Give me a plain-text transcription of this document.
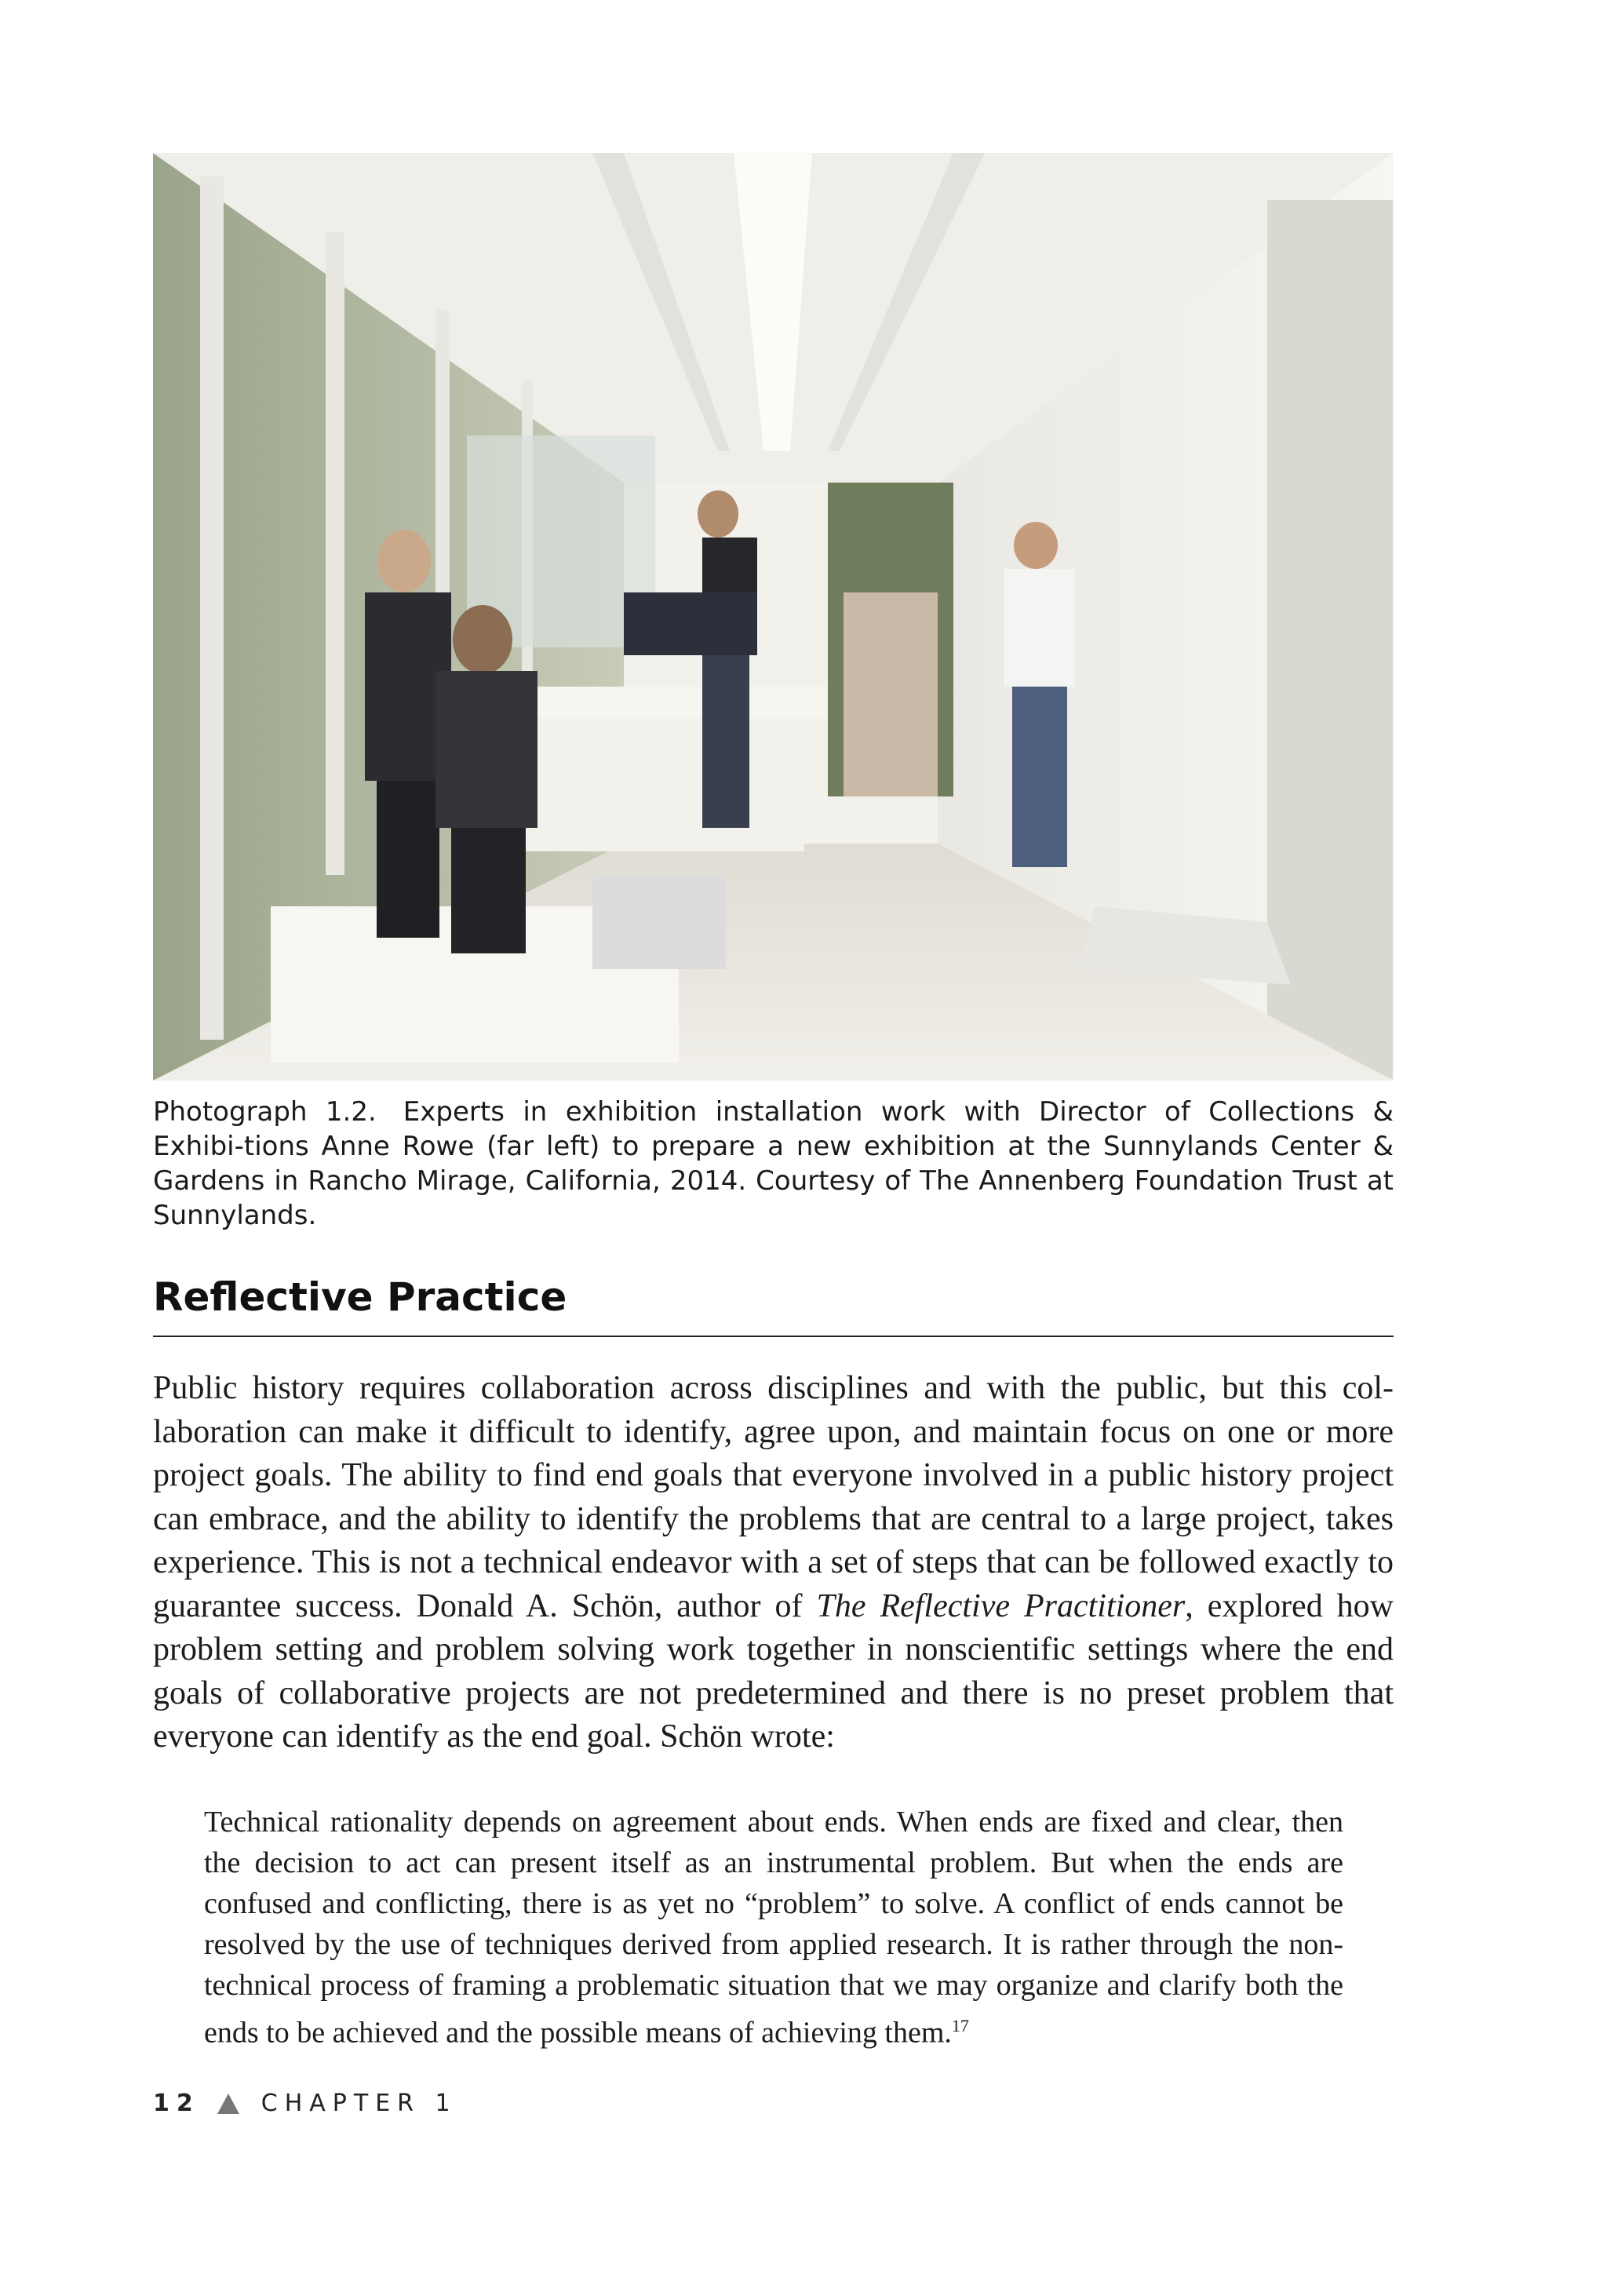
Photograph 1.2. Experts in exhibition installation work with Director of Collections & Exhibi-tions Anne Rowe (far left) to prepare a new exhibition at the Sunnylands Center & Gardens in Rancho Mirage, California, 2014. Courtesy of The Annenberg Foundation Trust at Sunnylands.
Reflective Practice

Public history requires collaboration across disciplines and with the public, but this col-laboration can make it difficult to identify, agree upon, and maintain focus on one or more project goals. The ability to find end goals that everyone involved in a public history project can embrace, and the ability to identify the problems that are central to a large project, takes experience. This is not a technical endeavor with a set of steps that can be followed exactly to guarantee success. Donald A. Schön, author of The Reflective Practitioner, explored how problem setting and problem solving work together in nonscientific settings where the end goals of collaborative projects are not predetermined and there is no preset problem that everyone can identify as the end goal. Schön wrote:

Technical rationality depends on agreement about ends. When ends are fixed and clear, then the decision to act can present itself as an instrumental problem. But when the ends are confused and conflicting, there is as yet no “problem” to solve. A conflict of ends cannot be resolved by the use of techniques derived from applied research. It is rather through the non-technical process of framing a problematic situation that we may organize and clarify both the ends to be achieved and the possible means of achieving them.$^{17}$

12	CHAPTER 1
